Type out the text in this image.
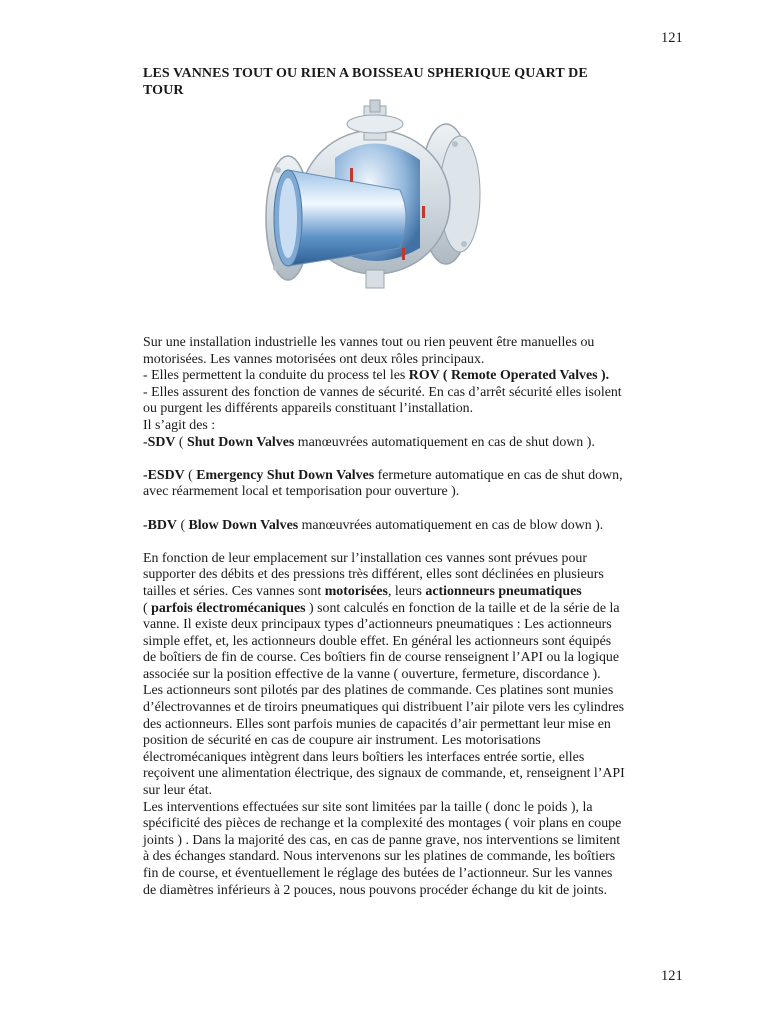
121
LES VANNES TOUT OU RIEN A BOISSEAU SPHERIQUE QUART DE
TOUR

Sur une installation industrielle les vannes tout ou rien peuvent être manuelles ou

motorisées. Les vannes motorisées ont deux rôles principaux.

- Elles permettent la conduite du process tel les ROV ( Remote Operated Valves ).

- Elles assurent des fonction de vannes de sécurité. En cas d’arrêt sécurité elles isolent

ou purgent les différents appareils constituant l’installation.

Il s’agit des :

-SDV ( Shut Down Valves manœuvrées automatiquement en cas de shut down ).

-ESDV ( Emergency Shut Down Valves fermeture automatique en cas de shut down,

avec réarmement local et temporisation pour ouverture ).

-BDV ( Blow Down Valves manœuvrées automatiquement en cas de blow down ).

En fonction de leur emplacement sur l’installation ces vannes sont prévues pour

supporter des débits et des pressions très différent, elles sont déclinées en plusieurs

tailles et séries. Ces vannes sont motorisées, leurs actionneurs pneumatiques

( parfois électromécaniques ) sont calculés en fonction de la taille et de la série de la

vanne. Il existe deux principaux types d’actionneurs pneumatiques : Les actionneurs

simple effet, et, les actionneurs double effet. En général les actionneurs sont équipés

de boîtiers de fin de course. Ces boîtiers fin de course renseignent l’API ou la logique

associée sur la position effective de la vanne ( ouverture, fermeture, discordance ).

Les actionneurs sont pilotés par des platines de commande. Ces platines sont munies

d’électrovannes et de tiroirs pneumatiques qui distribuent l’air pilote vers les cylindres

des actionneurs. Elles sont parfois munies de capacités d’air permettant leur mise en

position de sécurité en cas de coupure air instrument. Les motorisations

électromécaniques intègrent dans leurs boîtiers les interfaces entrée sortie, elles

reçoivent une alimentation électrique, des signaux de commande, et, renseignent l’API

sur leur état.

Les interventions effectuées sur site sont limitées par la taille ( donc le poids ), la

spécificité des pièces de rechange et la complexité des montages ( voir plans en coupe

joints ) . Dans la majorité des cas, en cas de panne grave, nos interventions se limitent

à des échanges standard. Nous intervenons sur les platines de commande, les boîtiers

fin de course, et éventuellement le réglage des butées de l’actionneur. Sur les vannes

de diamètres inférieurs à 2 pouces, nous pouvons procéder échange du kit de joints.

121
